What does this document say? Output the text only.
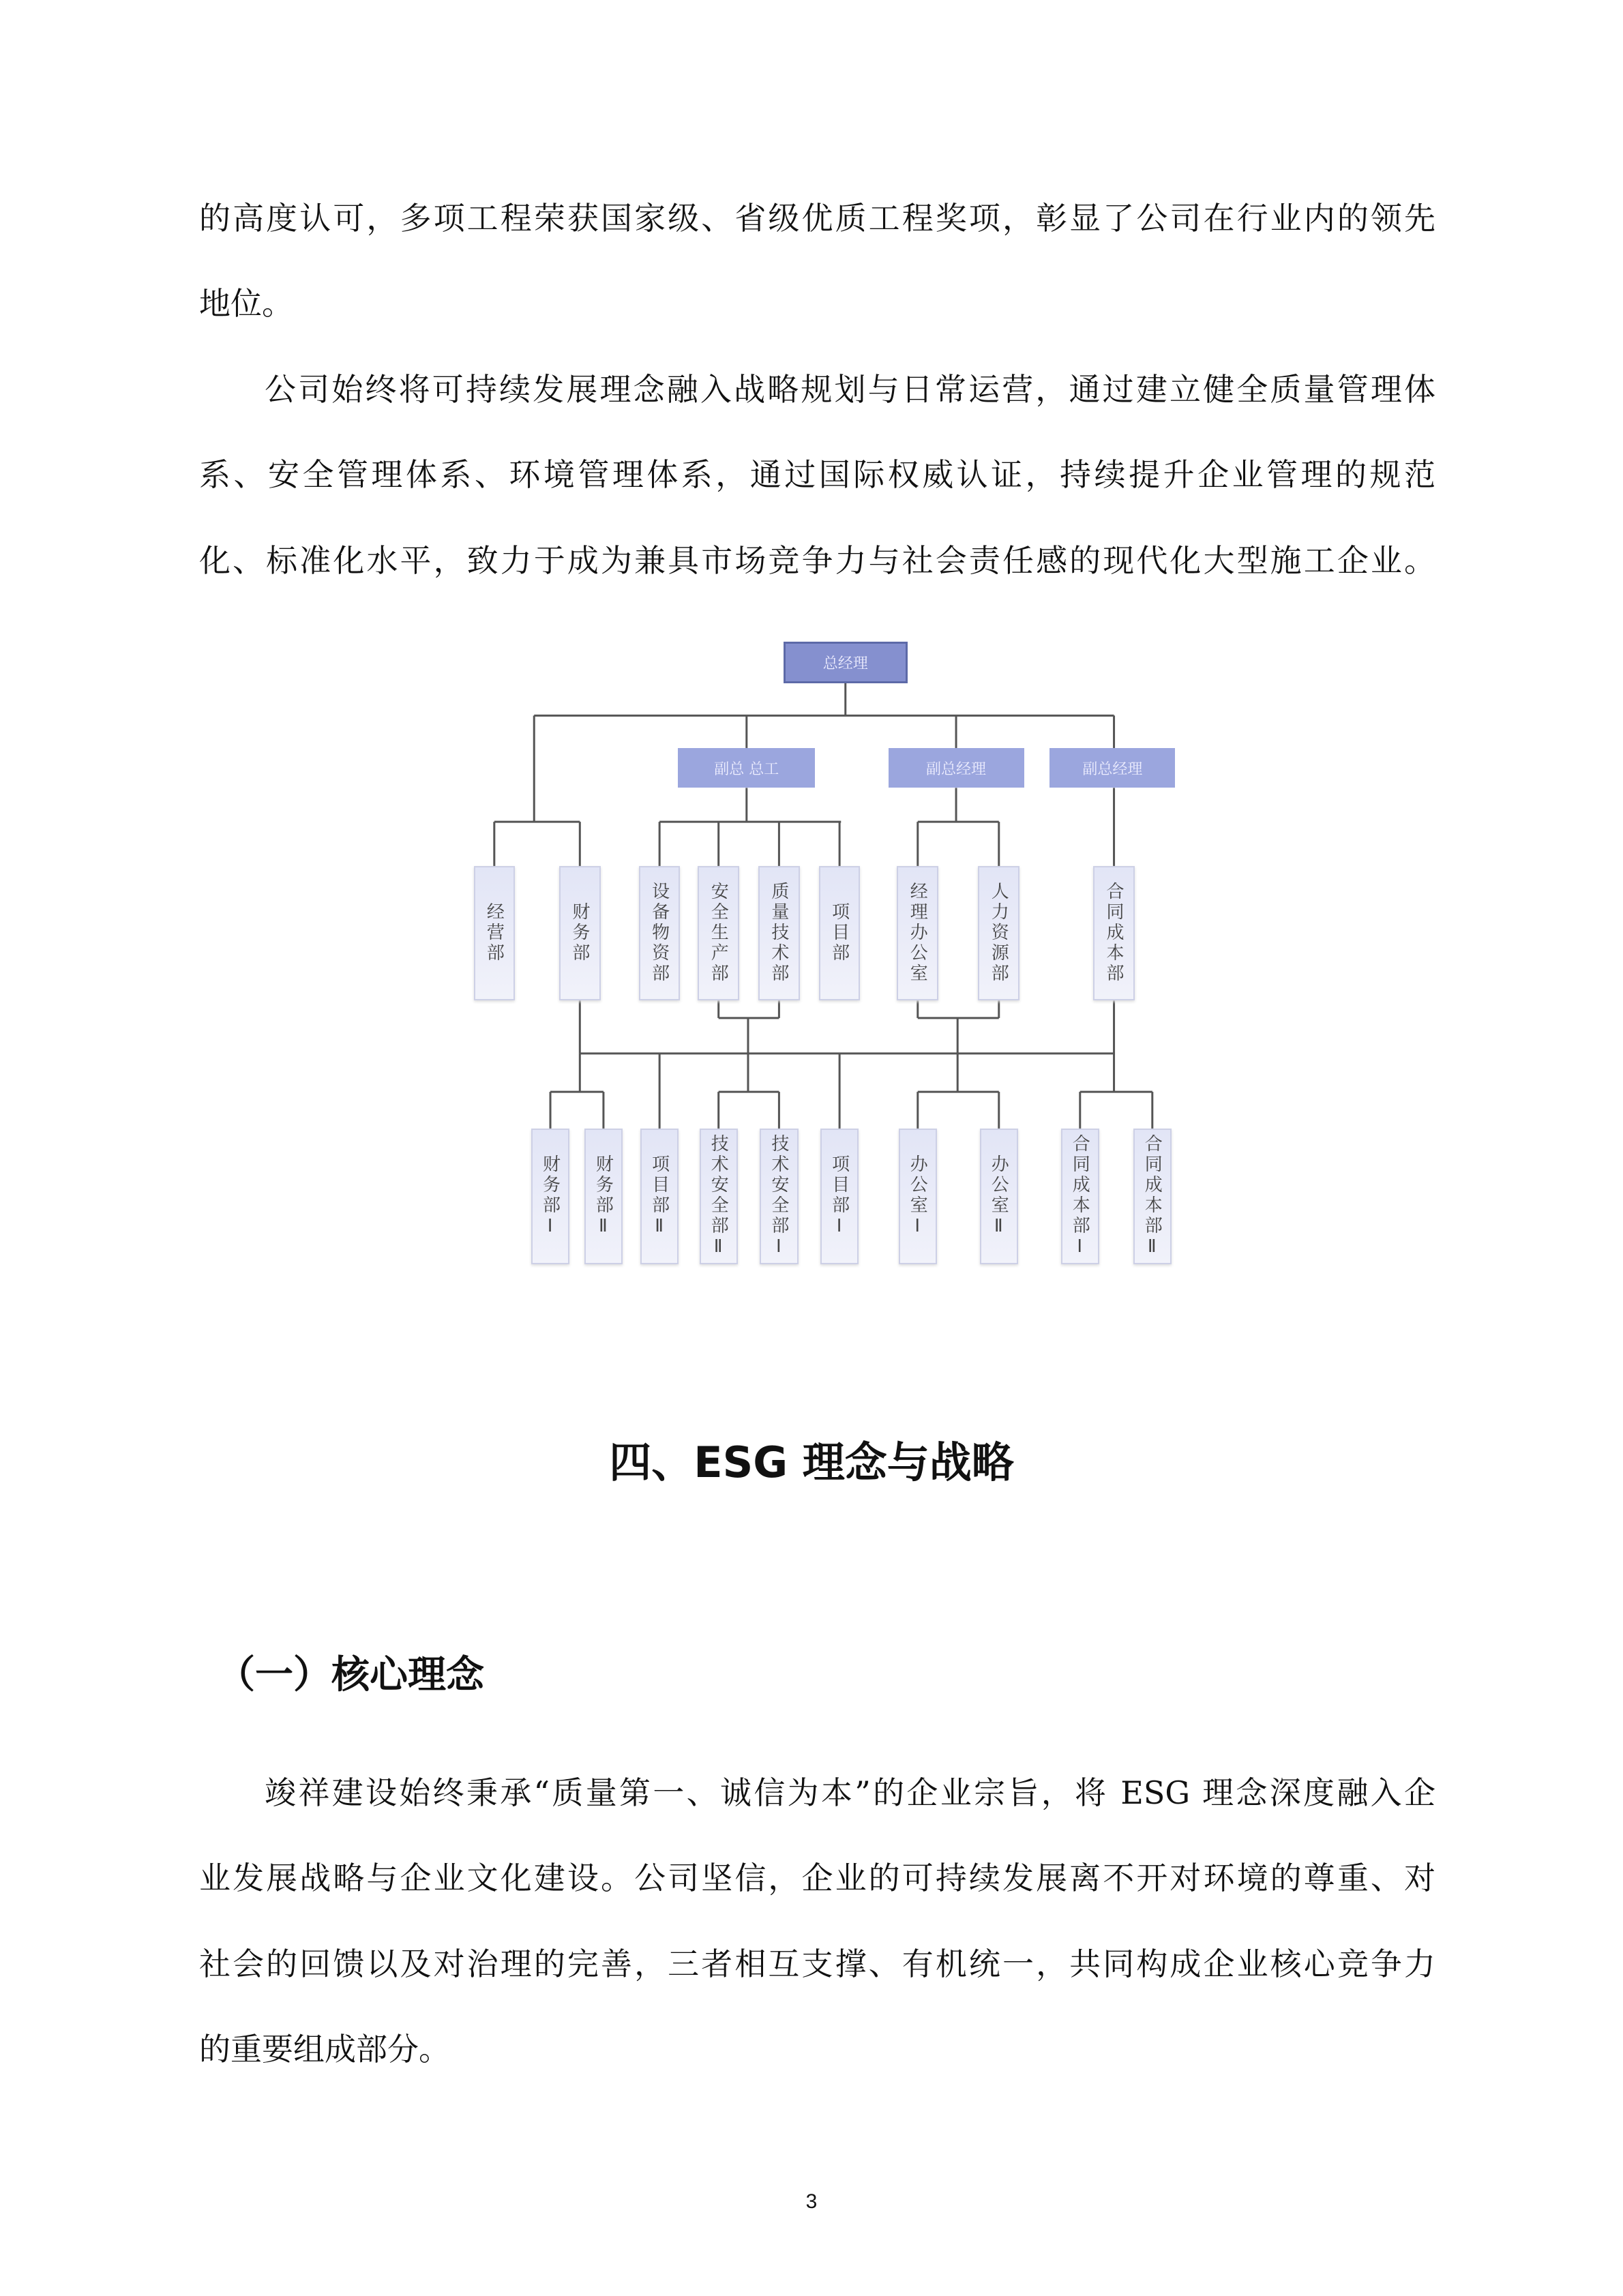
的高度认可，多项工程荣获国家级、省级优质工程奖项，彰显了公司在行业内的领先
地位。
公司始终将可持续发展理念融入战略规划与日常运营，通过建立健全质量管理体
系、安全管理体系、环境管理体系，通过国际权威认证，持续提升企业管理的规范
化、标准化水平，致力于成为兼具市场竞争力与社会责任感的现代化大型施工企业。
总经理
副总 总工	副总经理	副总经理
经营部	财务部	设备物资部	安全生产部	质量技术部	项目部	经理办公室	人力资源部	合同成本部
财务部Ⅰ	财务部Ⅱ	项目部Ⅱ	技术安全部Ⅱ	技术安全部Ⅰ	项目部Ⅰ	办公室Ⅰ	办公室Ⅱ	合同成本部Ⅰ	合同成本部Ⅱ
四、ESG 理念与战略
（一）核心理念
竣祥建设始终秉承“质量第一、诚信为本”的企业宗旨，将 ESG 理念深度融入企
业发展战略与企业文化建设。公司坚信，企业的可持续发展离不开对环境的尊重、对
社会的回馈以及对治理的完善，三者相互支撑、有机统一，共同构成企业核心竞争力
的重要组成部分。
3
